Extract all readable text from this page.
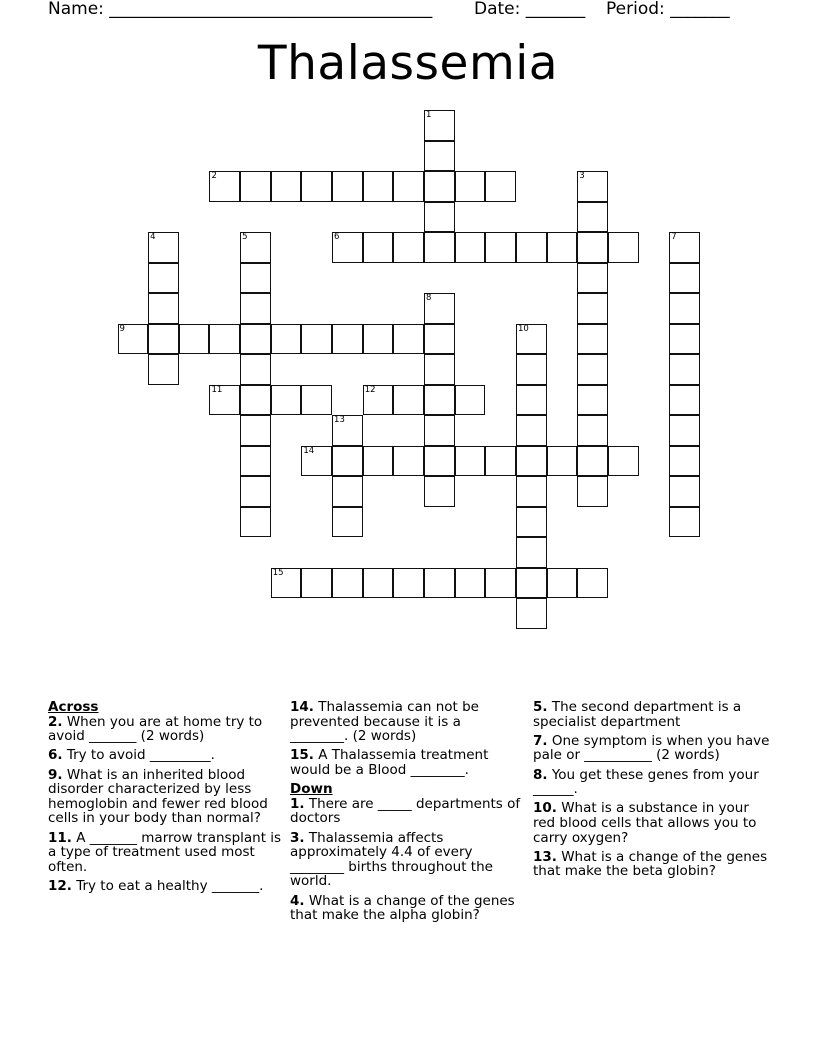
Name: ______________________________________ Date: _______ Period: _______
Thalassemia
1
2	3
4	5	6	7
8
9	10
11	12
13
14
15
Across
2. When you are at home try to avoid _______ (2 words)
6. Try to avoid _________.
9. What is an inherited blood disorder characterized by less hemoglobin and fewer red blood cells in your body than normal?
11. A _______ marrow transplant is a type of treatment used most often.
12. Try to eat a healthy _______.
14. Thalassemia can not be prevented because it is a ________. (2 words)
15. A Thalassemia treatment would be a Blood ________.
Down
1. There are _____ departments of doctors
3. Thalassemia affects approximately 4.4 of every ________ births throughout the world.
4. What is a change of the genes that make the alpha globin?
5. The second department is a specialist department
7. One symptom is when you have pale or __________ (2 words)
8. You get these genes from your ______.
10. What is a substance in your red blood cells that allows you to carry oxygen?
13. What is a change of the genes that make the beta globin?
